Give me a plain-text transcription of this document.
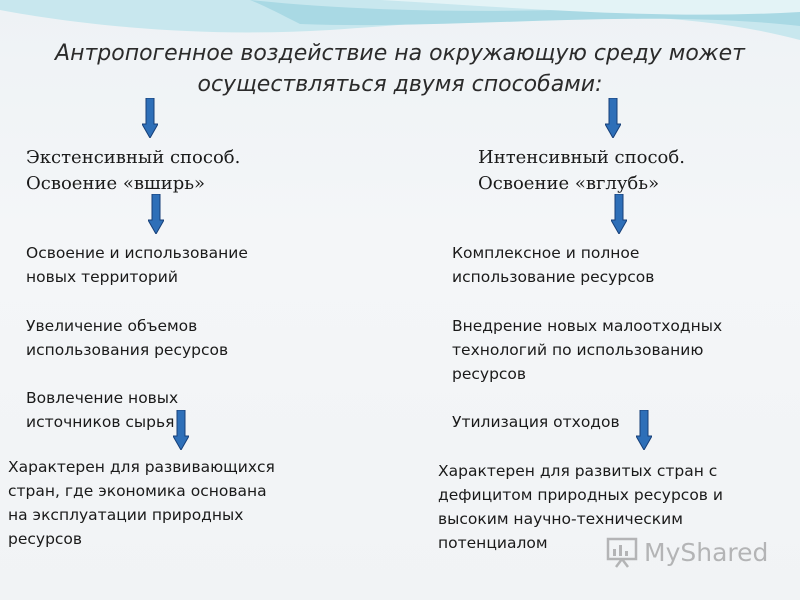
Антропогенное воздействие на окружающую среду может
осуществляться двумя способами:
Экстенсивный способ.
Освоение «вширь»
Освоение и использование
новых территорий
Увеличение объемов
использования ресурсов
Вовлечение новых
источников сырья
Характерен для развивающихся
стран, где экономика основана
на эксплуатации природных
ресурсов
Интенсивный способ.
Освоение «вглубь»
Комплексное и полное
использование ресурсов
Внедрение новых малоотходных
технологий по использованию
ресурсов
Утилизация отходов
Характерен для развитых стран с
дефицитом природных ресурсов и
высоким научно-техническим
потенциалом	MyShared
